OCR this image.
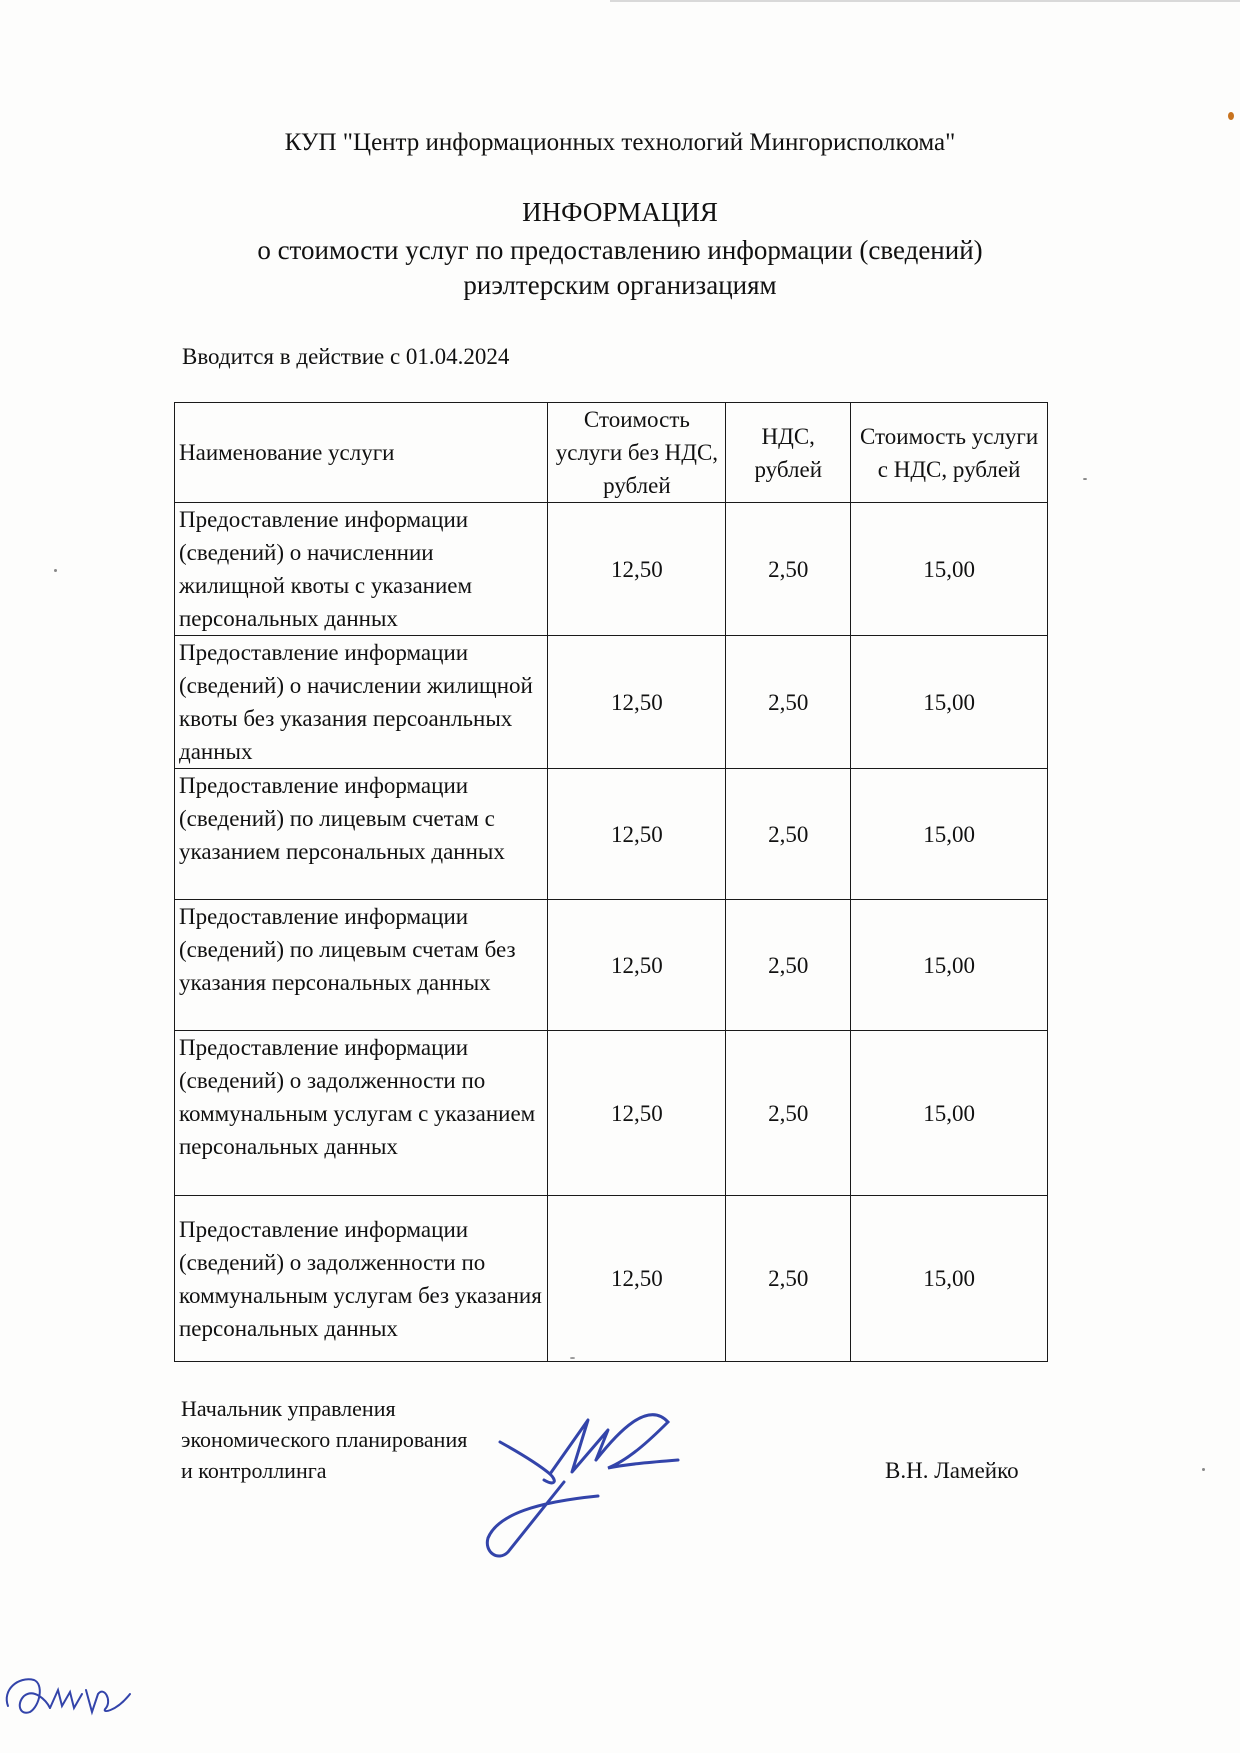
КУП "Центр информационных технологий Мингорисполкома"
ИНФОРМАЦИЯ
о стоимости услуг по предоставлению информации (сведений) риэлтерским организациям
Вводится в действие с 01.04.2024
Наименование услуги	Стоимость услуги без НДС, рублей	НДС, рублей	Стоимость услуги с НДС, рублей
Предоставление информации (сведений) о начисленнии жилищной квоты с указанием персональных данных	12,50	2,50	15,00
Предоставление информации (сведений) о начислении жилищной квоты без указания персоанльных данных	12,50	2,50	15,00
Предоставление информации (сведений) по лицевым счетам с указанием персональных данных	12,50	2,50	15,00
Предоставление информации (сведений) по лицевым счетам без указания персональных данных	12,50	2,50	15,00
Предоставление информации (сведений) о задолженности по коммунальным услугам с указанием персональных данных	12,50	2,50	15,00
Предоставление информации (сведений) о задолженности по коммунальным услугам без указания персональных данных	12,50	2,50	15,00
Начальник управления
экономического планирования
и контроллинга	В.Н. Ламейко
